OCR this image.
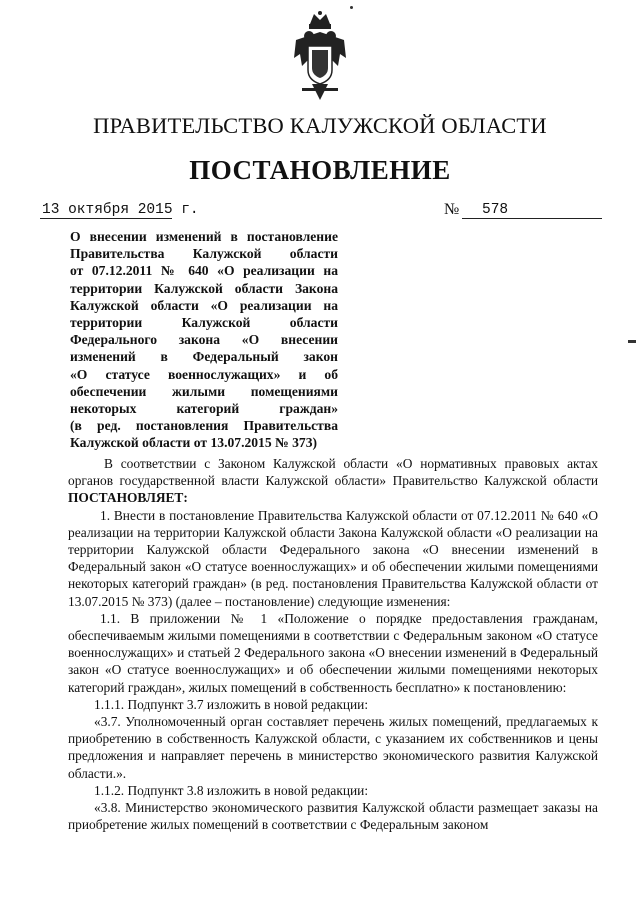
ПРАВИТЕЛЬСТВО КАЛУЖСКОЙ ОБЛАСТИ
ПОСТАНОВЛЕНИЕ
13 октября 2015 г.	№ 578
О внесении изменений в постановление
Правительства Калужской области
от 07.12.2011 № 640 «О реализации на
территории Калужской области Закона
Калужской области «О реализации на
территории Калужской области
Федерального закона «О внесении
изменений в Федеральный закон
«О статусе военнослужащих» и об
обеспечении жилыми помещениями
некоторых категорий граждан»
(в ред. постановления Правительства
Калужской области от 13.07.2015 № 373)

В соответствии с Законом Калужской области «О нормативных правовых актах органов государственной власти Калужской области» Правительство Калужской области ПОСТАНОВЛЯЕТ:

1. Внести в постановление Правительства Калужской области от 07.12.2011 № 640 «О реализации на территории Калужской области Закона Калужской области «О реализации на территории Калужской области Федерального закона «О внесении изменений в Федеральный закон «О статусе военнослужащих» и об обеспечении жилыми помещениями некоторых категорий граждан» (в ред. постановления Правительства Калужской области от 13.07.2015 № 373) (далее – постановление) следующие изменения:

1.1. В приложении № 1 «Положение о порядке предоставления гражданам, обеспечиваемым жилыми помещениями в соответствии с Федеральным законом «О статусе военнослужащих» и статьей 2 Федерального закона «О внесении изменений в Федеральный закон «О статусе военнослужащих» и об обеспечении жилыми помещениями некоторых категорий граждан», жилых помещений в собственность бесплатно» к постановлению:

1.1.1. Подпункт 3.7 изложить в новой редакции:

«3.7. Уполномоченный орган составляет перечень жилых помещений, предлагаемых к приобретению в собственность Калужской области, с указанием их собственников и цены предложения и направляет перечень в министерство экономического развития Калужской области.».

1.1.2. Подпункт 3.8 изложить в новой редакции:

«3.8. Министерство экономического развития Калужской области размещает заказы на приобретение жилых помещений в соответствии с Федеральным законом
